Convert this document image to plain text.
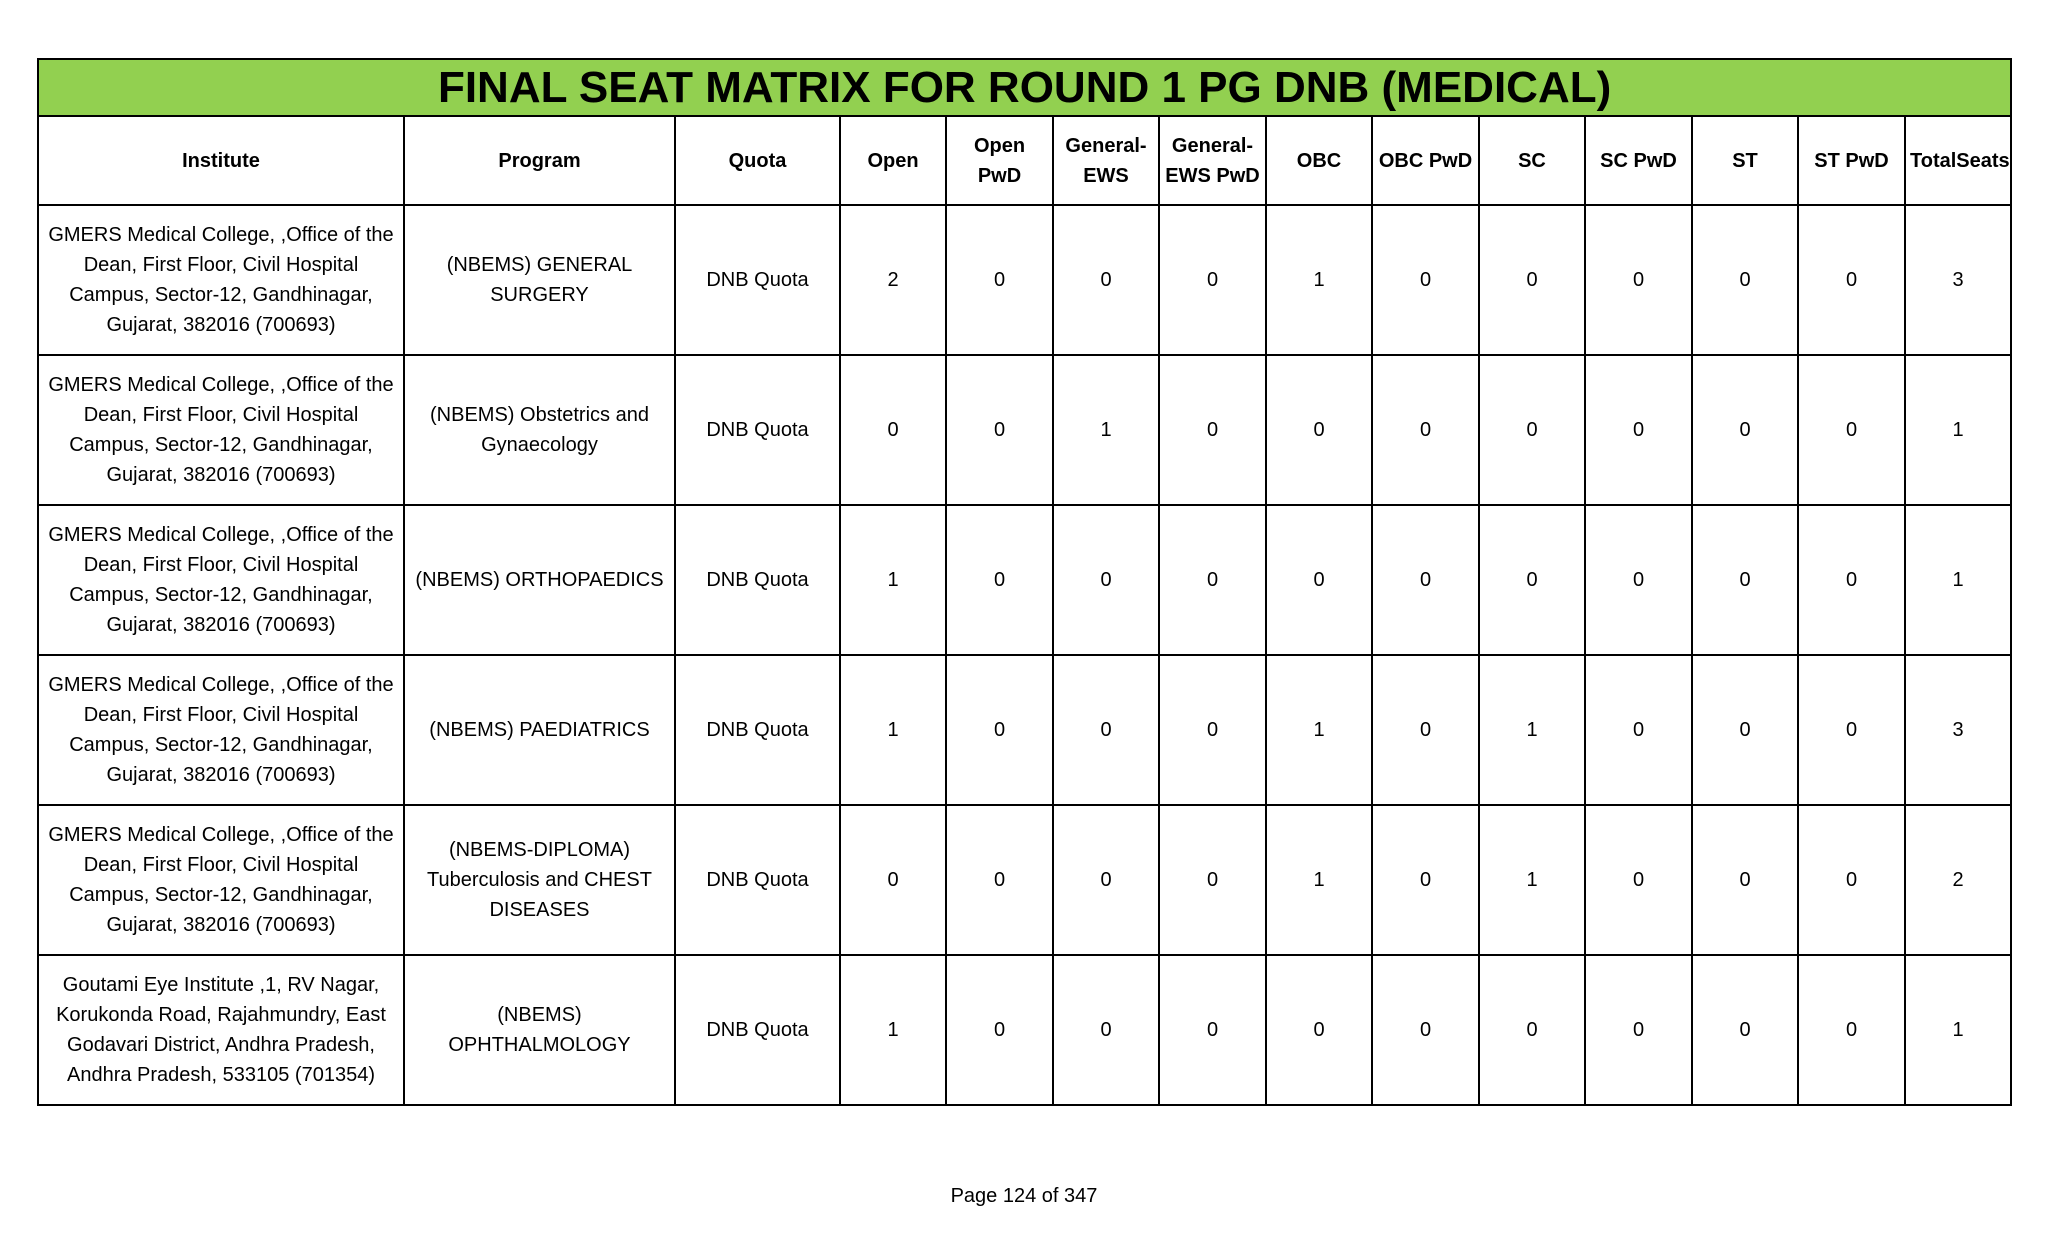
FINAL SEAT MATRIX FOR ROUND 1 PG DNB (MEDICAL)													
Institute	Program	Quota	Open	Open PwD	General-EWS	General-EWS PwD	OBC	OBC PwD	SC	SC PwD	ST	ST PwD	TotalSeats
GMERS Medical College, ,Office of the Dean, First Floor, Civil Hospital Campus, Sector-12, Gandhinagar, Gujarat, 382016 (700693)	(NBEMS) GENERAL SURGERY	DNB Quota	2	0	0	0	1	0	0	0	0	0	3
GMERS Medical College, ,Office of the Dean, First Floor, Civil Hospital Campus, Sector-12, Gandhinagar, Gujarat, 382016 (700693)	(NBEMS) Obstetrics and Gynaecology	DNB Quota	0	0	1	0	0	0	0	0	0	0	1
GMERS Medical College, ,Office of the Dean, First Floor, Civil Hospital Campus, Sector-12, Gandhinagar, Gujarat, 382016 (700693)	(NBEMS) ORTHOPAEDICS	DNB Quota	1	0	0	0	0	0	0	0	0	0	1
GMERS Medical College, ,Office of the Dean, First Floor, Civil Hospital Campus, Sector-12, Gandhinagar, Gujarat, 382016 (700693)	(NBEMS) PAEDIATRICS	DNB Quota	1	0	0	0	1	0	1	0	0	0	3
GMERS Medical College, ,Office of the Dean, First Floor, Civil Hospital Campus, Sector-12, Gandhinagar, Gujarat, 382016 (700693)	(NBEMS-DIPLOMA) Tuberculosis and CHEST DISEASES	DNB Quota	0	0	0	0	1	0	1	0	0	0	2
Goutami Eye Institute ,1, RV Nagar, Korukonda Road, Rajahmundry, East Godavari District, Andhra Pradesh, Andhra Pradesh, 533105 (701354)	(NBEMS) OPHTHALMOLOGY	DNB Quota	1	0	0	0	0	0	0	0	0	0	1
Page 124 of 347
